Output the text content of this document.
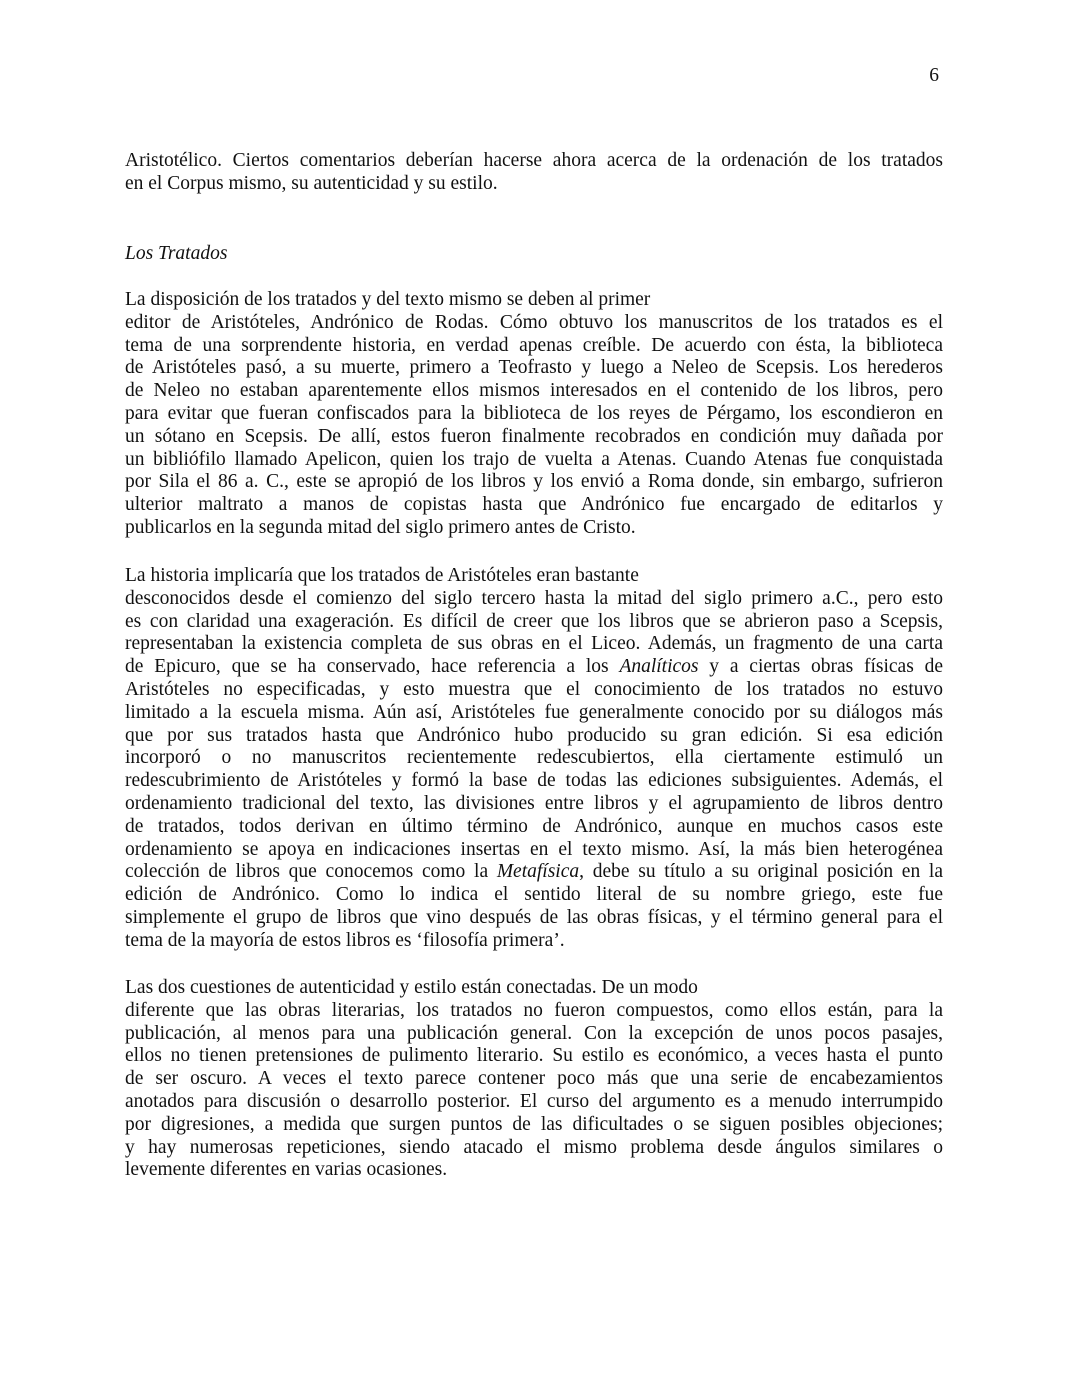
6
Aristotélico. Ciertos comentarios deberían hacerse ahora acerca de la ordenación de los tratados
en el Corpus mismo, su autenticidad y su estilo.
Los Tratados
La disposición de los tratados y del texto mismo se deben al primer
editor de Aristóteles, Andrónico de Rodas. Cómo obtuvo los manuscritos de los tratados es el
tema de una sorprendente historia, en verdad apenas creíble. De acuerdo con ésta, la biblioteca
de Aristóteles pasó, a su muerte, primero a Teofrasto y luego a Neleo de Scepsis. Los herederos
de Neleo no estaban aparentemente ellos mismos interesados en el contenido de los libros, pero
para evitar que fueran confiscados para la biblioteca de los reyes de Pérgamo, los escondieron en
un sótano en Scepsis. De allí, estos fueron finalmente recobrados en condición muy dañada por
un bibliófilo llamado Apelicon, quien los trajo de vuelta a Atenas. Cuando Atenas fue conquistada
por Sila el 86 a. C., este se apropió de los libros y los envió a Roma donde, sin embargo, sufrieron
ulterior maltrato a manos de copistas hasta que Andrónico fue encargado de editarlos y
publicarlos en la segunda mitad del siglo primero antes de Cristo.
La historia implicaría que los tratados de Aristóteles eran bastante
desconocidos desde el comienzo del siglo tercero hasta la mitad del siglo primero a.C., pero esto
es con claridad una exageración. Es difícil de creer que los libros que se abrieron paso a Scepsis,
representaban la existencia completa de sus obras en el Liceo. Además, un fragmento de una carta
de Epicuro, que se ha conservado, hace referencia a los Analíticos y a ciertas obras físicas de
Aristóteles no especificadas, y esto muestra que el conocimiento de los tratados no estuvo
limitado a la escuela misma. Aún así, Aristóteles fue generalmente conocido por su diálogos más
que por sus tratados hasta que Andrónico hubo producido su gran edición. Si esa edición
incorporó o no manuscritos recientemente redescubiertos, ella ciertamente estimuló un
redescubrimiento de Aristóteles y formó la base de todas las ediciones subsiguientes. Además, el
ordenamiento tradicional del texto, las divisiones entre libros y el agrupamiento de libros dentro
de tratados, todos derivan en último término de Andrónico, aunque en muchos casos este
ordenamiento se apoya en indicaciones insertas en el texto mismo. Así, la más bien heterogénea
colección de libros que conocemos como la Metafísica, debe su título a su original posición en la
edición de Andrónico. Como lo indica el sentido literal de su nombre griego, este fue
simplemente el grupo de libros que vino después de las obras físicas, y el término general para el
tema de la mayoría de estos libros es ‘filosofía primera’.
Las dos cuestiones de autenticidad y estilo están conectadas. De un modo
diferente que las obras literarias, los tratados no fueron compuestos, como ellos están, para la
publicación, al menos para una publicación general. Con la excepción de unos pocos pasajes,
ellos no tienen pretensiones de pulimento literario. Su estilo es económico, a veces hasta el punto
de ser oscuro. A veces el texto parece contener poco más que una serie de encabezamientos
anotados para discusión o desarrollo posterior. El curso del argumento es a menudo interrumpido
por digresiones, a medida que surgen puntos de las dificultades o se siguen posibles objeciones;
y hay numerosas repeticiones, siendo atacado el mismo problema desde ángulos similares o
levemente diferentes en varias ocasiones.
